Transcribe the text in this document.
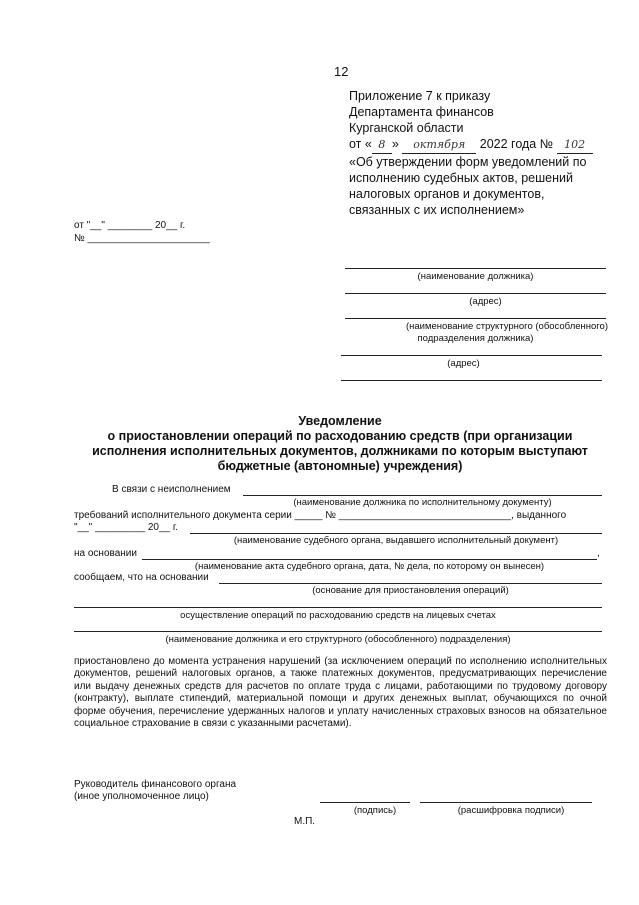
12
Приложение 7 к приказу
Департамента финансов
Курганской области
от « 8 » октября 2022 года № 102
«Об утверждении форм уведомлений по
исполнению судебных актов, решений
налоговых органов и документов,
связанных с их исполнением»
от "__" ________ 20__ г.
№ ______________________
(наименование должника)
(адрес)
(наименование структурного (обособленного)
подразделения должника)
(адрес)
Уведомление
о приостановлении операций по расходованию средств (при организации
исполнения исполнительных документов, должниками по которым выступают
бюджетные (автономные) учреждения)
В связи с неисполнением
(наименование должника по исполнительному документу)
требований исполнительного документа серии _____ № _______________________________, выданного
"__" _________ 20__ г.
(наименование судебного органа, выдавшего исполнительный документ)
на основании	,
(наименование акта судебного органа, дата, № дела, по которому он вынесен)
сообщаем, что на основании
(основание для приостановления операций)
осуществление операций по расходованию средств на лицевых счетах
(наименование должника и его структурного (обособленного) подразделения)
приостановлено до момента устранения нарушений (за исключением операций по исполнению исполнительных документов, решений налоговых органов, а также платежных документов, предусматривающих перечисление или выдачу денежных средств для расчетов по оплате труда с лицами, работающими по трудовому договору (контракту), выплате стипендий, материальной помощи и других денежных выплат, обучающихся по очной форме обучения, перечисление удержанных налогов и уплату начисленных страховых взносов на обязательное социальное страхование в связи с указанными расчетами).
Руководитель финансового органа
(иное уполномоченное лицо)
(подпись)	(расшифровка подписи)
М.П.
